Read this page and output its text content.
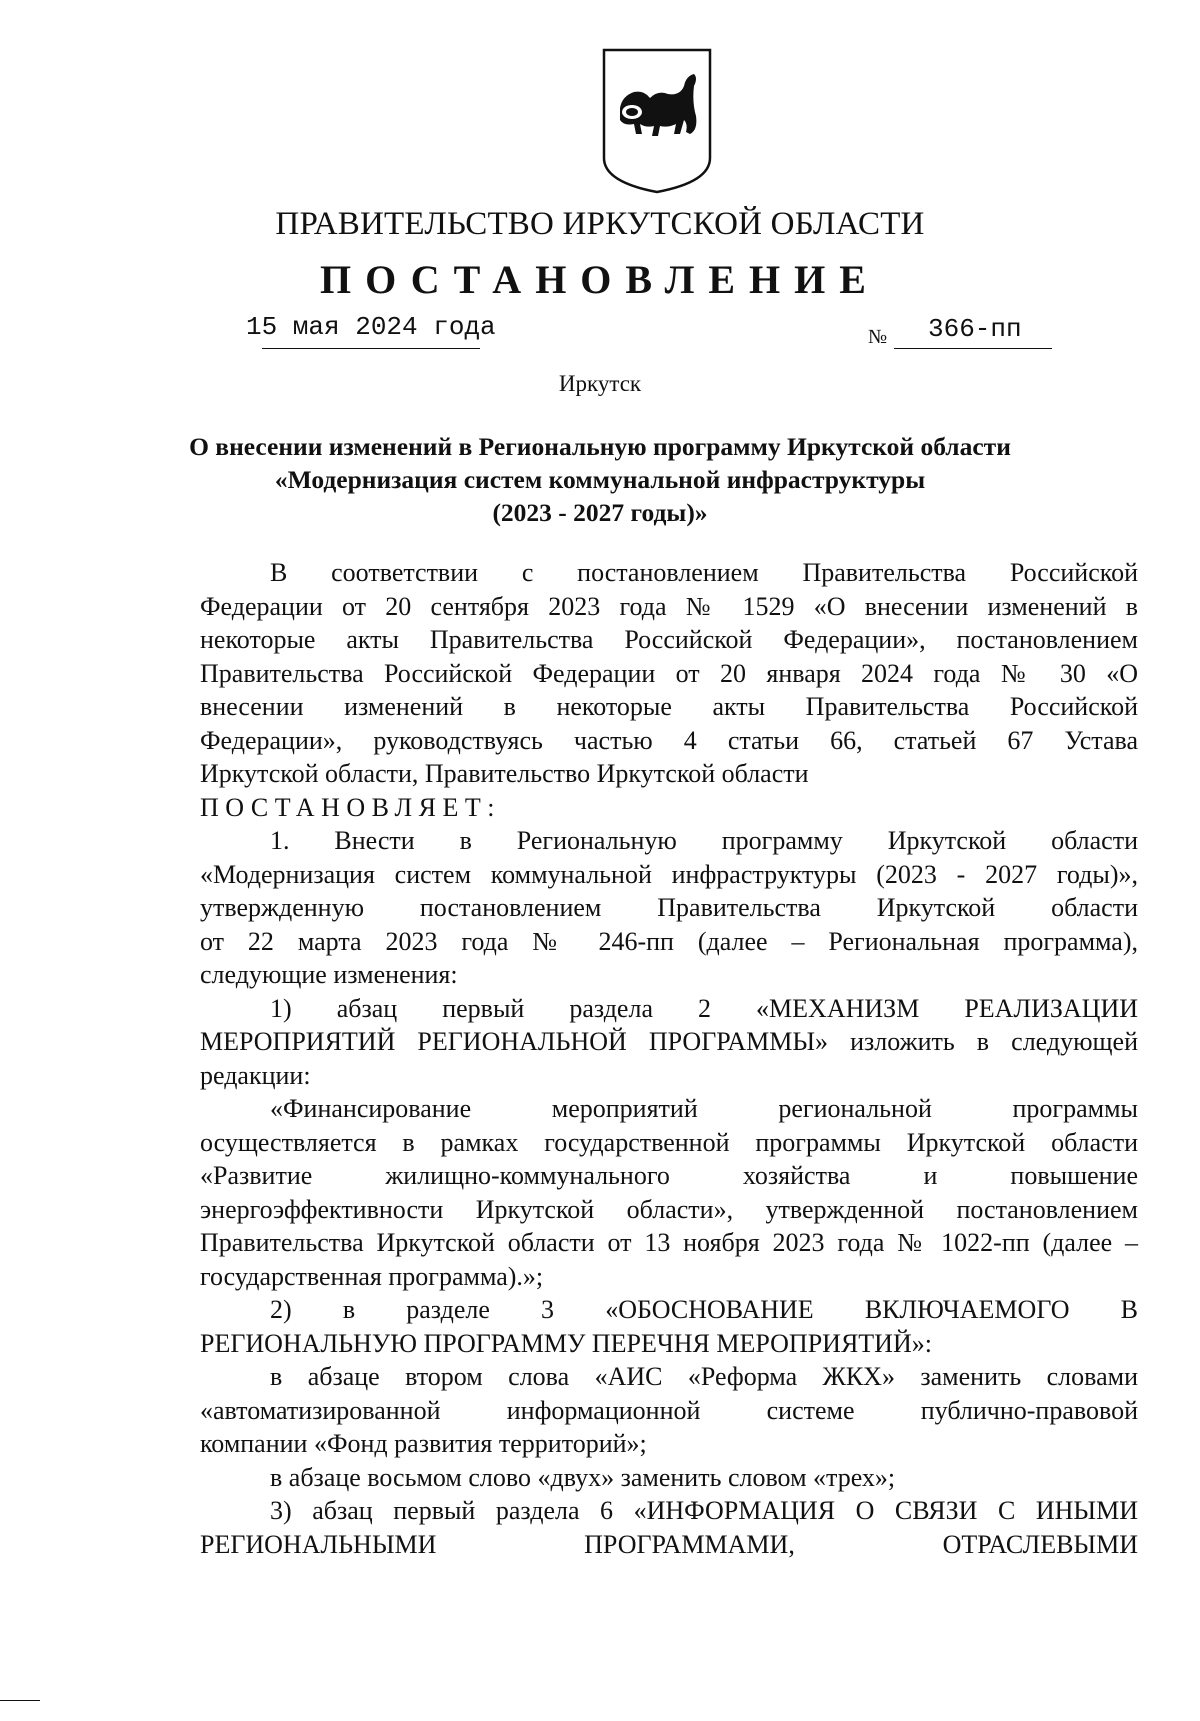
ПРАВИТЕЛЬСТВО ИРКУТСКОЙ ОБЛАСТИ
ПОСТАНОВЛЕНИЕ
15 мая 2024 года	№ 366-пп
Иркутск
О внесении изменений в Региональную программу Иркутской области
«Модернизация систем коммунальной инфраструктуры
(2023 - 2027 годы)»

В соответствии с постановлением Правительства Российской

Федерации от 20 сентября 2023 года № 1529 «О внесении изменений в

некоторые акты Правительства Российской Федерации», постановлением

Правительства Российской Федерации от 20 января 2024 года № 30 «О

внесении изменений в некоторые акты Правительства Российской

Федерации», руководствуясь частью 4 статьи 66, статьей 67 Устава

Иркутской области, Правительство Иркутской области

ПОСТАНОВЛЯЕТ:

1. Внести в Региональную программу Иркутской области

«Модернизация систем коммунальной инфраструктуры (2023 - 2027 годы)»,

утвержденную постановлением Правительства Иркутской области

от 22 марта 2023 года № 246-пп (далее – Региональная программа),

следующие изменения:

1) абзац первый раздела 2 «МЕХАНИЗМ РЕАЛИЗАЦИИ

МЕРОПРИЯТИЙ РЕГИОНАЛЬНОЙ ПРОГРАММЫ» изложить в следующей

редакции:

«Финансирование мероприятий региональной программы

осуществляется в рамках государственной программы Иркутской области

«Развитие жилищно-коммунального хозяйства и повышение

энергоэффективности Иркутской области», утвержденной постановлением

Правительства Иркутской области от 13 ноября 2023 года № 1022-пп (далее –

государственная программа).»;

2) в разделе 3 «ОБОСНОВАНИЕ ВКЛЮЧАЕМОГО В

РЕГИОНАЛЬНУЮ ПРОГРАММУ ПЕРЕЧНЯ МЕРОПРИЯТИЙ»:

в абзаце втором слова «АИС «Реформа ЖКХ» заменить словами

«автоматизированной информационной системе публично-правовой

компании «Фонд развития территорий»;

в абзаце восьмом слово «двух» заменить словом «трех»;

3) абзац первый раздела 6 «ИНФОРМАЦИЯ О СВЯЗИ С ИНЫМИ

РЕГИОНАЛЬНЫМИ ПРОГРАММАМИ, ОТРАСЛЕВЫМИ
